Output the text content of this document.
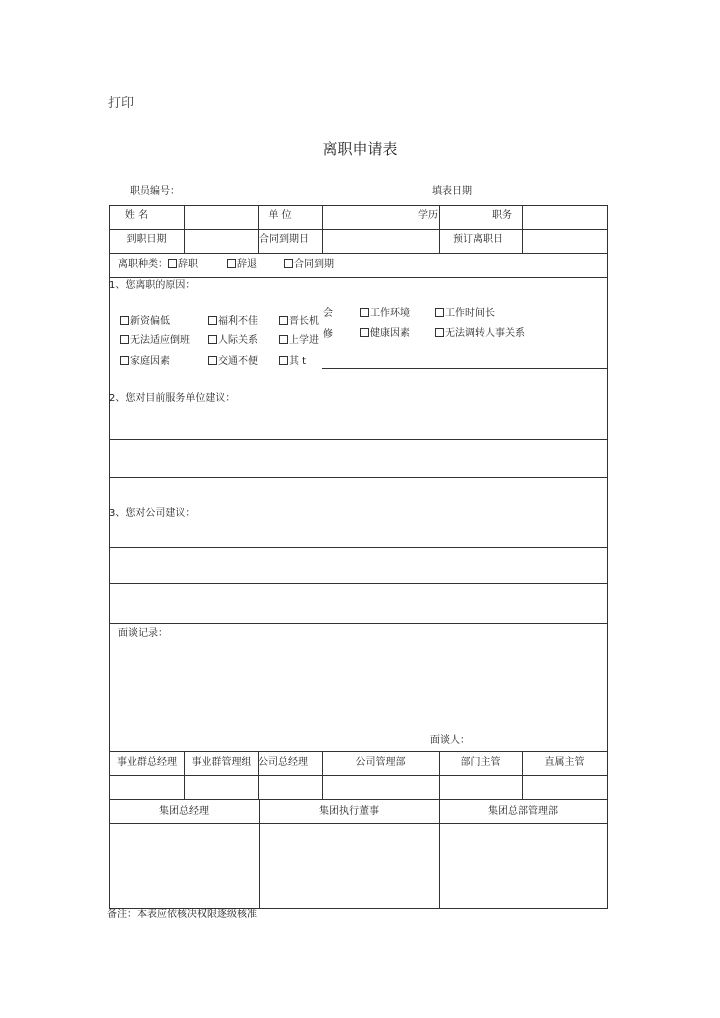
打印
离职申请表
职员编号：	填表日期
姓 名	单 位	学历	职务
到职日期	合同到期日	预订离职日
离职种类：	辞职	辞退	合同到期
1、您离职的原因：
新资偏低
无法适应倒班
家庭因素
福利不佳
人际关系
交通不便
晋长机
上学进
其 t
会
修
工作环境
健康因素
工作时间长
无法调转人事关系
2、您对目前服务单位建议：
3、您对公司建议：
面谈记录：
面谈人：
事业群总经理	事业群管理组 公司总经理	公司管理部	部门主管	直属主管
集团总经理	集团执行董事	集团总部管理部
备注：本表应依核决权限逐级核准
